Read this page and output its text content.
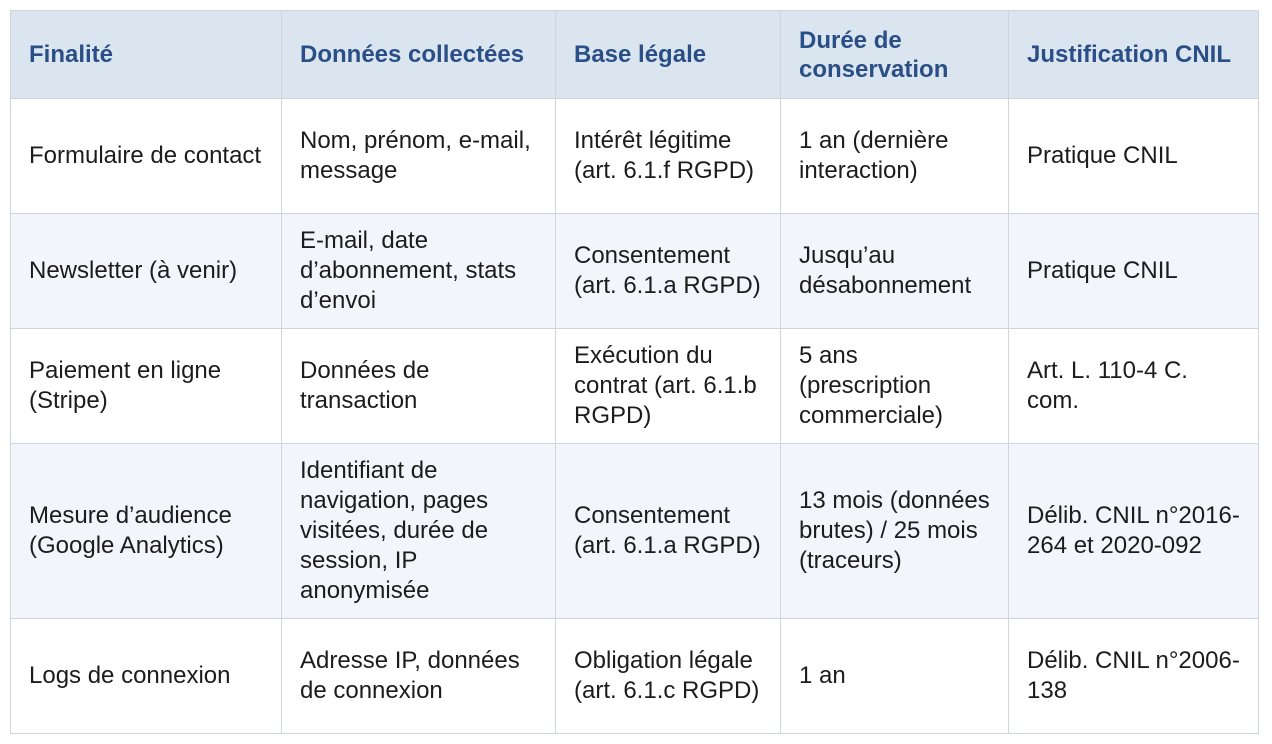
Finalité	Données collectées	Base légale	Durée de conservation	Justification CNIL
Formulaire de contact	Nom, prénom, e-mail, message	Intérêt légitime (art. 6.1.f RGPD)	1 an (dernière interaction)	Pratique CNIL
Newsletter (à venir)	E-mail, date d’abonnement, stats d’envoi	Consentement (art. 6.1.a RGPD)	Jusqu’au désabonnement	Pratique CNIL
Paiement en ligne (Stripe)	Données de transaction	Exécution du contrat (art. 6.1.b RGPD)	5 ans (prescription commerciale)	Art. L. 110-4 C. com.
Mesure d’audience (Google Analytics)	Identifiant de navigation, pages visitées, durée de session, IP anonymisée	Consentement (art. 6.1.a RGPD)	13 mois (données brutes) / 25 mois (traceurs)	Délib. CNIL n°2016-264 et 2020-092
Logs de connexion	Adresse IP, données de connexion	Obligation légale (art. 6.1.c RGPD)	1 an	Délib. CNIL n°2006-138
